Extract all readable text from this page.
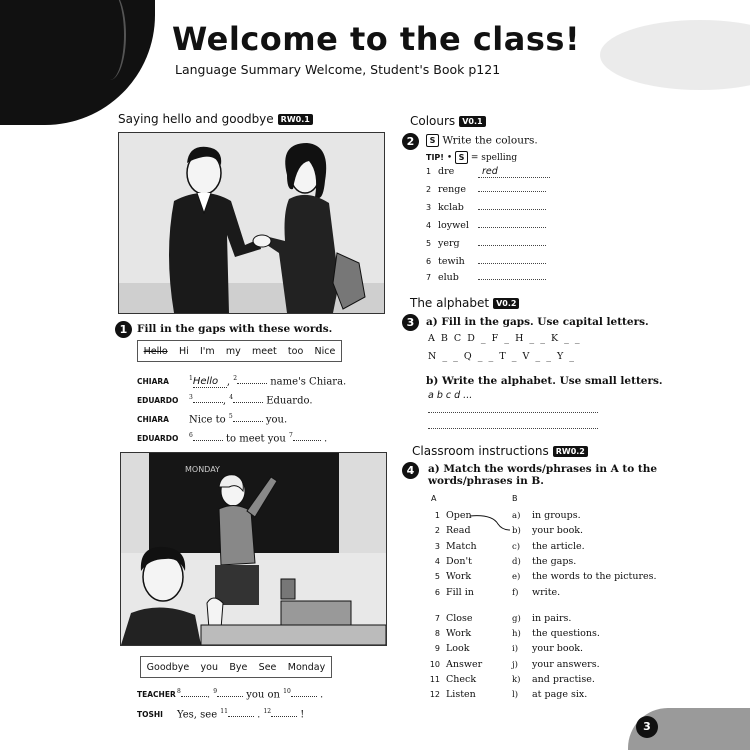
Welcome to the class!
Language Summary Welcome, Student's Book p121
Saying hello and goodbye RW0.1
1 Fill in the gaps with these words.
Hello Hi I'm my meet too Nice
CHIARA	$^1$Hello , $^2$	name's Chiara.
EDUARDO $^3$	, $^4$	Eduardo.
CHIARA Nice to $^5$	you.
EDUARDO $^6$	to meet you $^7$	.
MONDAY
Goodbye you Bye See Monday
TEACHER$^8$	. $^9$	you on $^{10}$	.
TOSHI Yes, see $^{11}$	. $^{12}$	!
Colours V0.1
2	S Write the colours.
TIP! • S = spelling
1 dre	red
2 renge
3 kclab
4 loywel
5 yerg
6 tewih
7 elub
The alphabet V0.2
3	a) Fill in the gaps. Use capital letters.
A  B  C  D  _  F  _  H  _  _  K  _  _
N  _  _  Q  _  _  T  _  V  _  _  Y  _
b) Write the alphabet. Use small letters.
a b c d ...
Classroom instructions RW0.2
4	a) Match the words/phrases in A to the
words/phrases in B.
A	B
1 Open	a) in groups.
2 Read	b) your book.
3 Match	c) the article.
4 Don't	d) the gaps.
5 Work	e) the words to the pictures.
6 Fill in	f) write.
7 Close	g) in pairs.
8 Work	h) the questions.
9 Look	i) your book.
10 Answer	j) your answers.
11 Check	k) and practise.
12 Listen	l) at page six.
3
